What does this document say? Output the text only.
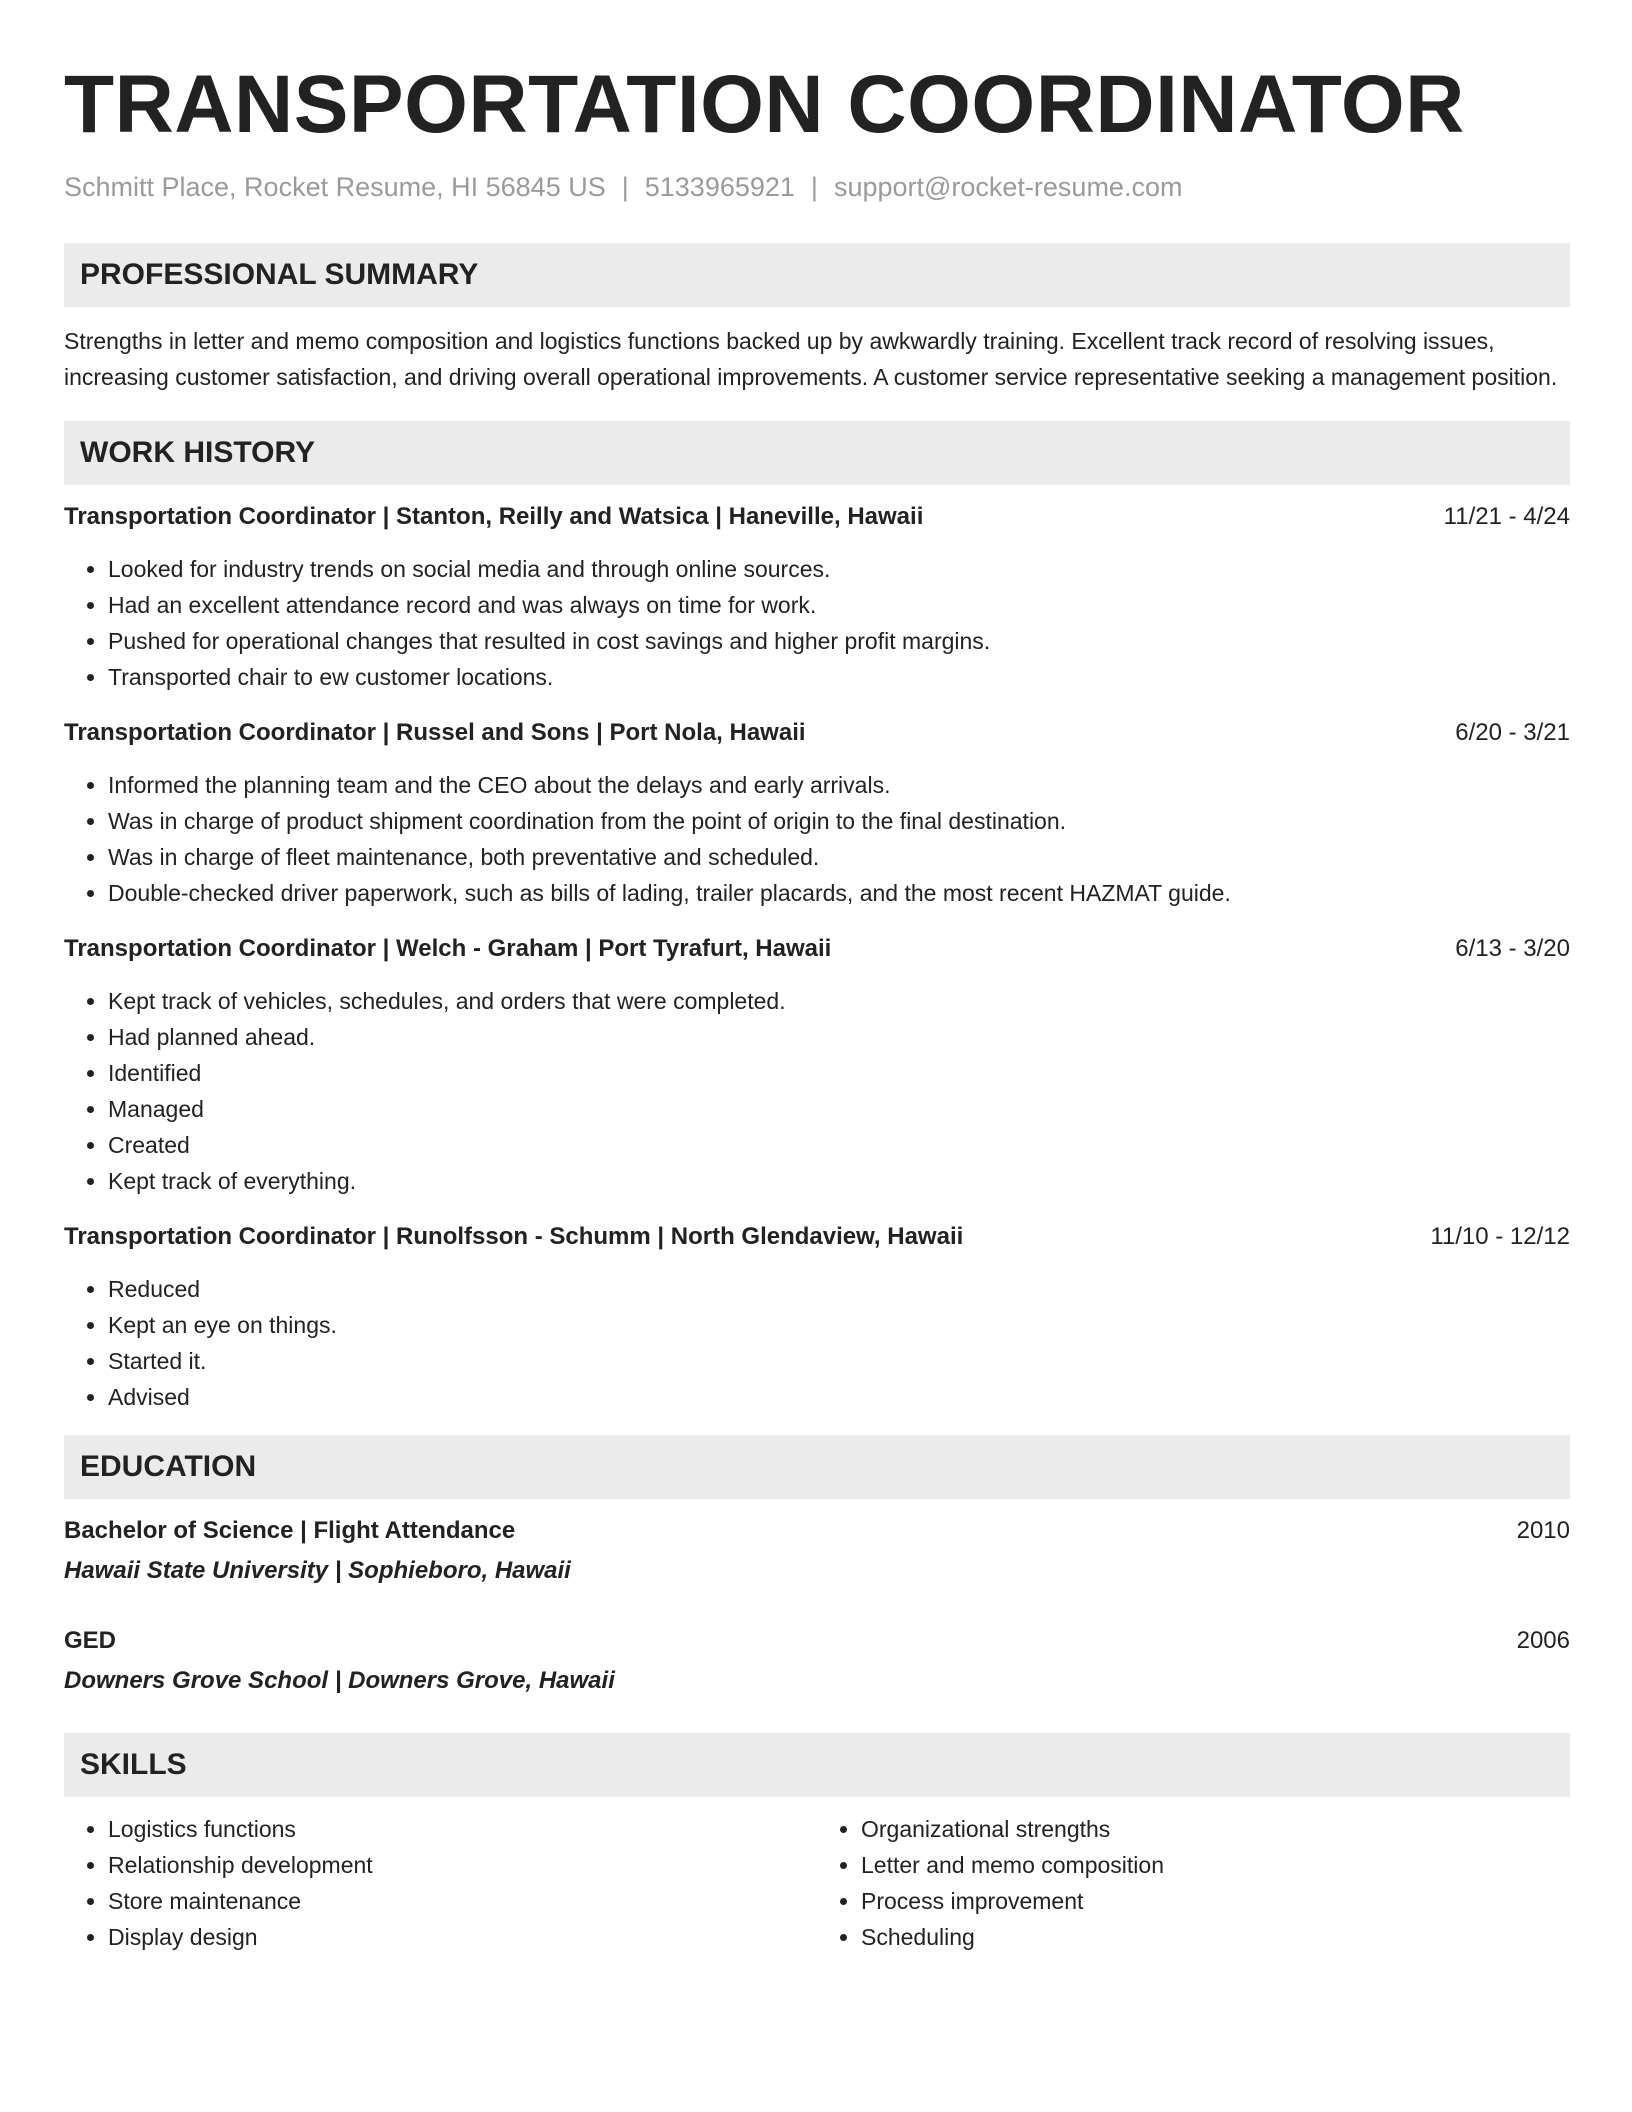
TRANSPORTATION COORDINATOR
Schmitt Place, Rocket Resume, HI 56845 US | 5133965921 | support@rocket-resume.com
PROFESSIONAL SUMMARY

Strengths in letter and memo composition and logistics functions backed up by awkwardly training. Excellent track record of resolving issues, increasing customer satisfaction, and driving overall operational improvements. A customer service representative seeking a management position.

WORK HISTORY
Transportation Coordinator | Stanton, Reilly and Watsica | Haneville, Hawaii	11/21 - 4/24
• Looked for industry trends on social media and through online sources.
• Had an excellent attendance record and was always on time for work.
• Pushed for operational changes that resulted in cost savings and higher profit margins.
• Transported chair to ew customer locations.
Transportation Coordinator | Russel and Sons | Port Nola, Hawaii	6/20 - 3/21
• Informed the planning team and the CEO about the delays and early arrivals.
• Was in charge of product shipment coordination from the point of origin to the final destination.
• Was in charge of fleet maintenance, both preventative and scheduled.
• Double-checked driver paperwork, such as bills of lading, trailer placards, and the most recent HAZMAT guide.
Transportation Coordinator | Welch - Graham | Port Tyrafurt, Hawaii	6/13 - 3/20
• Kept track of vehicles, schedules, and orders that were completed.
• Had planned ahead.
• Identified
• Managed
• Created
• Kept track of everything.
Transportation Coordinator | Runolfsson - Schumm | North Glendaview, Hawaii	11/10 - 12/12
• Reduced
• Kept an eye on things.
• Started it.
• Advised
EDUCATION
Bachelor of Science | Flight Attendance	2010
Hawaii State University | Sophieboro, Hawaii
GED	2006
Downers Grove School | Downers Grove, Hawaii
SKILLS
• Logistics functions
• Relationship development
• Store maintenance
• Display design
• Organizational strengths
• Letter and memo composition
• Process improvement
• Scheduling
